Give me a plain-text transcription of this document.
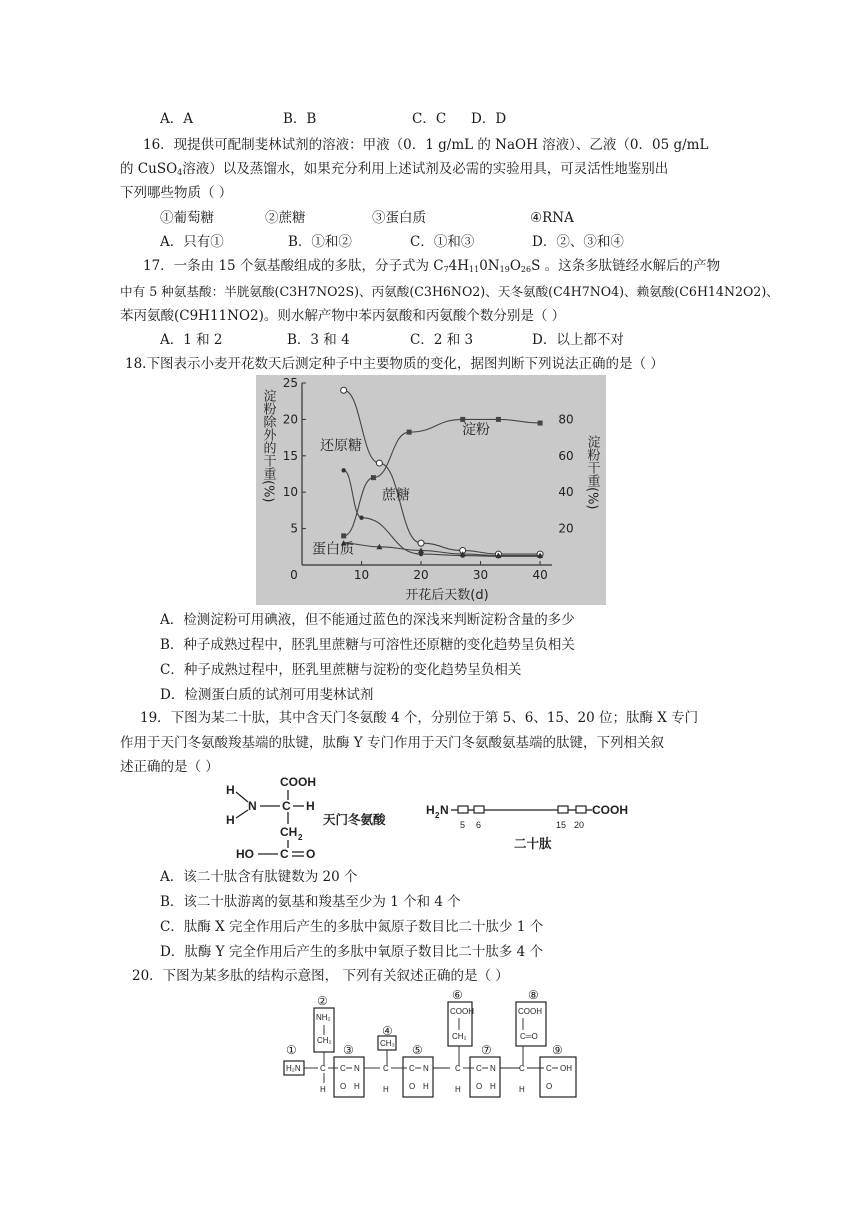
A．A	B．B	C．C D．D
16．现提供可配制斐林试剂的溶液：甲液（0．1 g/mL 的 NaOH 溶液）、乙液（0．05 g/mL
的 CuSO$_4$溶液）以及蒸馏水，如果充分利用上述试剂及必需的实验用具，可灵活性地鉴别出
下列哪些物质（ ）
①葡萄糖	②蔗糖	③蛋白质	④RNA
A．只有①	B．①和②	C．①和③	D．②、③和④
17．一条由 15 个氨基酸组成的多肽，分子式为 $C_74H_{11}0N_{19}O_{26}S$ 。这条多肽链经水解后的产物
中有 5 种氨基酸：半胱氨酸(C3H7NO2S)、丙氨酸(C3H6NO2)、天冬氨酸(C4H7NO4)、赖氨酸(C6H14N2O2)、
苯丙氨酸(C9H11NO2)。则水解产物中苯丙氨酸和丙氨酸个数分别是（ ）
A．1 和 2	B．3 和 4	C．2 和 3	D．以上都不对
18.下图表示小麦开花数天后测定种子中主要物质的变化，据图判断下列说法正确的是（ ）
0	10	20	30	40
5
10
15
20
25
20
40
60
80
开花后天数(d)
淀粉除外的干重(%)	淀粉干重(%)
蔗糖
还原糖
淀粉
蛋白质
A．检测淀粉可用碘液，但不能通过蓝色的深浅来判断淀粉含量的多少
B．种子成熟过程中，胚乳里蔗糖与可溶性还原糖的变化趋势呈负相关
C．种子成熟过程中，胚乳里蔗糖与淀粉的变化趋势呈负相关
D．检测蛋白质的试剂可用斐林试剂
19．下图为某二十肽，其中含天门冬氨酸 4 个，分别位于第 5、6、15、20 位；肽酶 X 专门
作用于天门冬氨酸羧基端的肽键，肽酶 Y 专门作用于天门冬氨酸氨基端的肽键，下列相关叙
述正确的是（ ）
COOH
H
N C H
H
CH 2
HO C O
天门冬氨酸
H 2 N	COOH
5 6	15 20
二十肽
A．该二十肽含有肽键数为 20 个
B．该二十肽游离的氨基和羧基至少为 1 个和 4 个
C．肽酶 X 完全作用后产生的多肽中氮原子数目比二十肽少 1 个
D．肽酶 Y 完全作用后产生的多肽中氧原子数目比二十肽多 4 个
20．下图为某多肽的结构示意图， 下列有关叙述正确的是（ ）
①
②
③
④
⑤
⑥
⑦
⑧
⑨
H₂N
NH₂
CH₂
C
H
C N
O H
CH₃
C
H
C N
O H
COOH
CH₂
C
H
C N
O H
COOH
C═O
C
H
C OH
O
